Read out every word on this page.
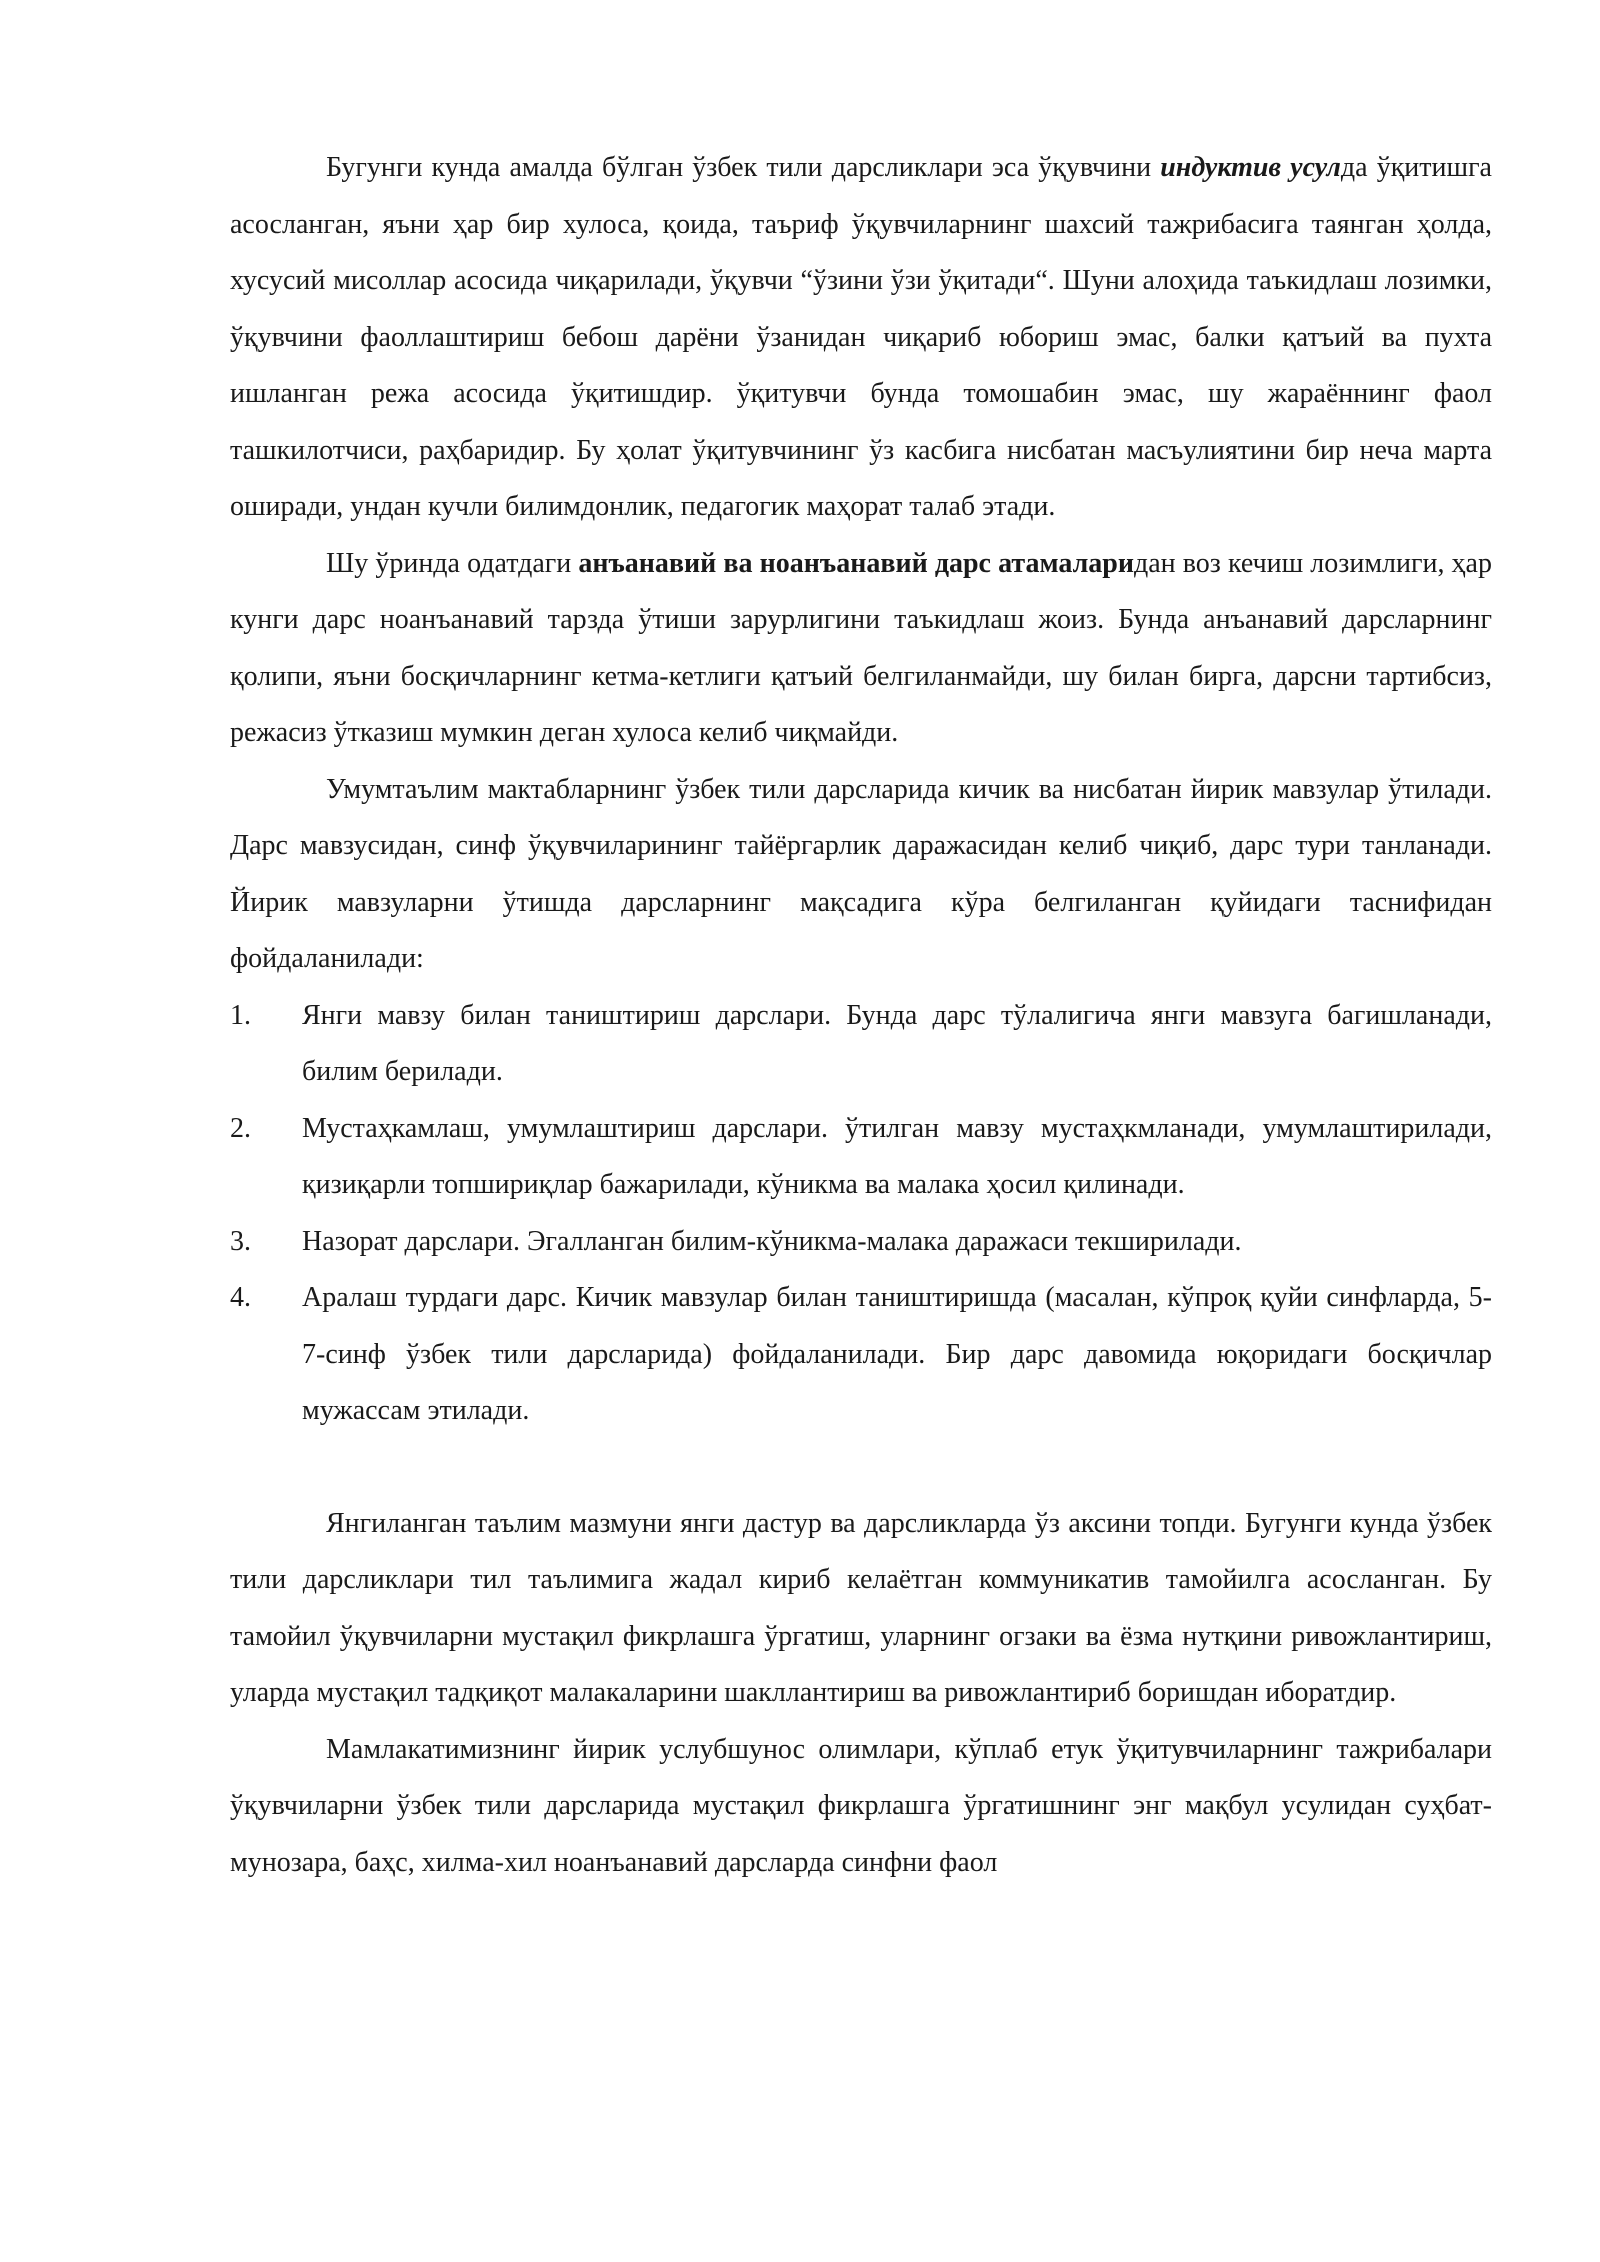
Бугунги кунда амалда бўлган ўзбек тили дарсликлари эса ўқувчини индуктив усулда ўқитишга асосланган, яъни ҳар бир хулоса, қоида, таъриф ўқувчиларнинг шахсий тажрибасига таянган ҳолда, хусусий мисоллар асосида чиқарилади, ўқувчи “ўзини ўзи ўқитади“. Шуни алоҳида таъкидлаш лозимки, ўқувчини фаоллаштириш бебош дарёни ўзанидан чиқариб юбориш эмас, балки қатъий ва пухта ишланган режа асосида ўқитишдир. ўқитувчи бунда томошабин эмас, шу жараённинг фаол ташкилотчиси, раҳбаридир. Бу ҳолат ўқитувчининг ўз касбига нисбатан масъулиятини бир неча марта оширади, ундан кучли билимдонлик, педагогик маҳорат талаб этади.

Шу ўринда одатдаги анъанавий ва ноанъанавий дарс атамаларидан воз кечиш лозимлиги, ҳар кунги дарс ноанъанавий тарзда ўтиши зарурлигини таъкидлаш жоиз. Бунда анъанавий дарсларнинг қолипи, яъни босқичларнинг кетма-кетлиги қатъий белгиланмайди, шу билан бирга, дарсни тартибсиз, режасиз ўтказиш мумкин деган хулоса келиб чиқмайди.

Умумтаълим мактабларнинг ўзбек тили дарсларида кичик ва нисбатан йирик мавзулар ўтилади. Дарс мавзусидан, синф ўқувчиларининг тайёргарлик даражасидан келиб чиқиб, дарс тури танланади. Йирик мавзуларни ўтишда дарсларнинг мақсадига кўра белгиланган қуйидаги таснифидан фойдаланилади:

1. Янги мавзу билан таништириш дарслари. Бунда дарс тўлалигича янги мавзуга багишланади, билим берилади.
2. Мустаҳкамлаш, умумлаштириш дарслари. ўтилган мавзу мустаҳкмланади, умумлаштирилади, қизиқарли топшириқлар бажарилади, кўникма ва малака ҳосил қилинади.
3. Назорат дарслари. Эгалланган билим-кўникма-малака даражаси текширилади.
4. Аралаш турдаги дарс. Кичик мавзулар билан таништиришда (масалан, кўпроқ қуйи синфларда, 5-7-синф ўзбек тили дарсларида) фойдаланилади. Бир дарс давомида юқоридаги босқичлар мужассам этилади.

Янгиланган таълим мазмуни янги дастур ва дарсликларда ўз аксини топди. Бугунги кунда ўзбек тили дарсликлари тил таълимига жадал кириб келаётган коммуникатив тамойилга асосланган. Бу тамойил ўқувчиларни мустақил фикрлашга ўргатиш, уларнинг огзаки ва ёзма нутқини ривожлантириш, уларда мустақил тадқиқот малакаларини шакллантириш ва ривожлантириб боришдан иборатдир.

Мамлакатимизнинг йирик услубшунос олимлари, кўплаб етук ўқитувчиларнинг тажрибалари ўқувчиларни ўзбек тили дарсларида мустақил фикрлашга ўргатишнинг энг мақбул усулидан суҳбат-мунозара, баҳс, хилма-хил ноанъанавий дарсларда синфни фаол
